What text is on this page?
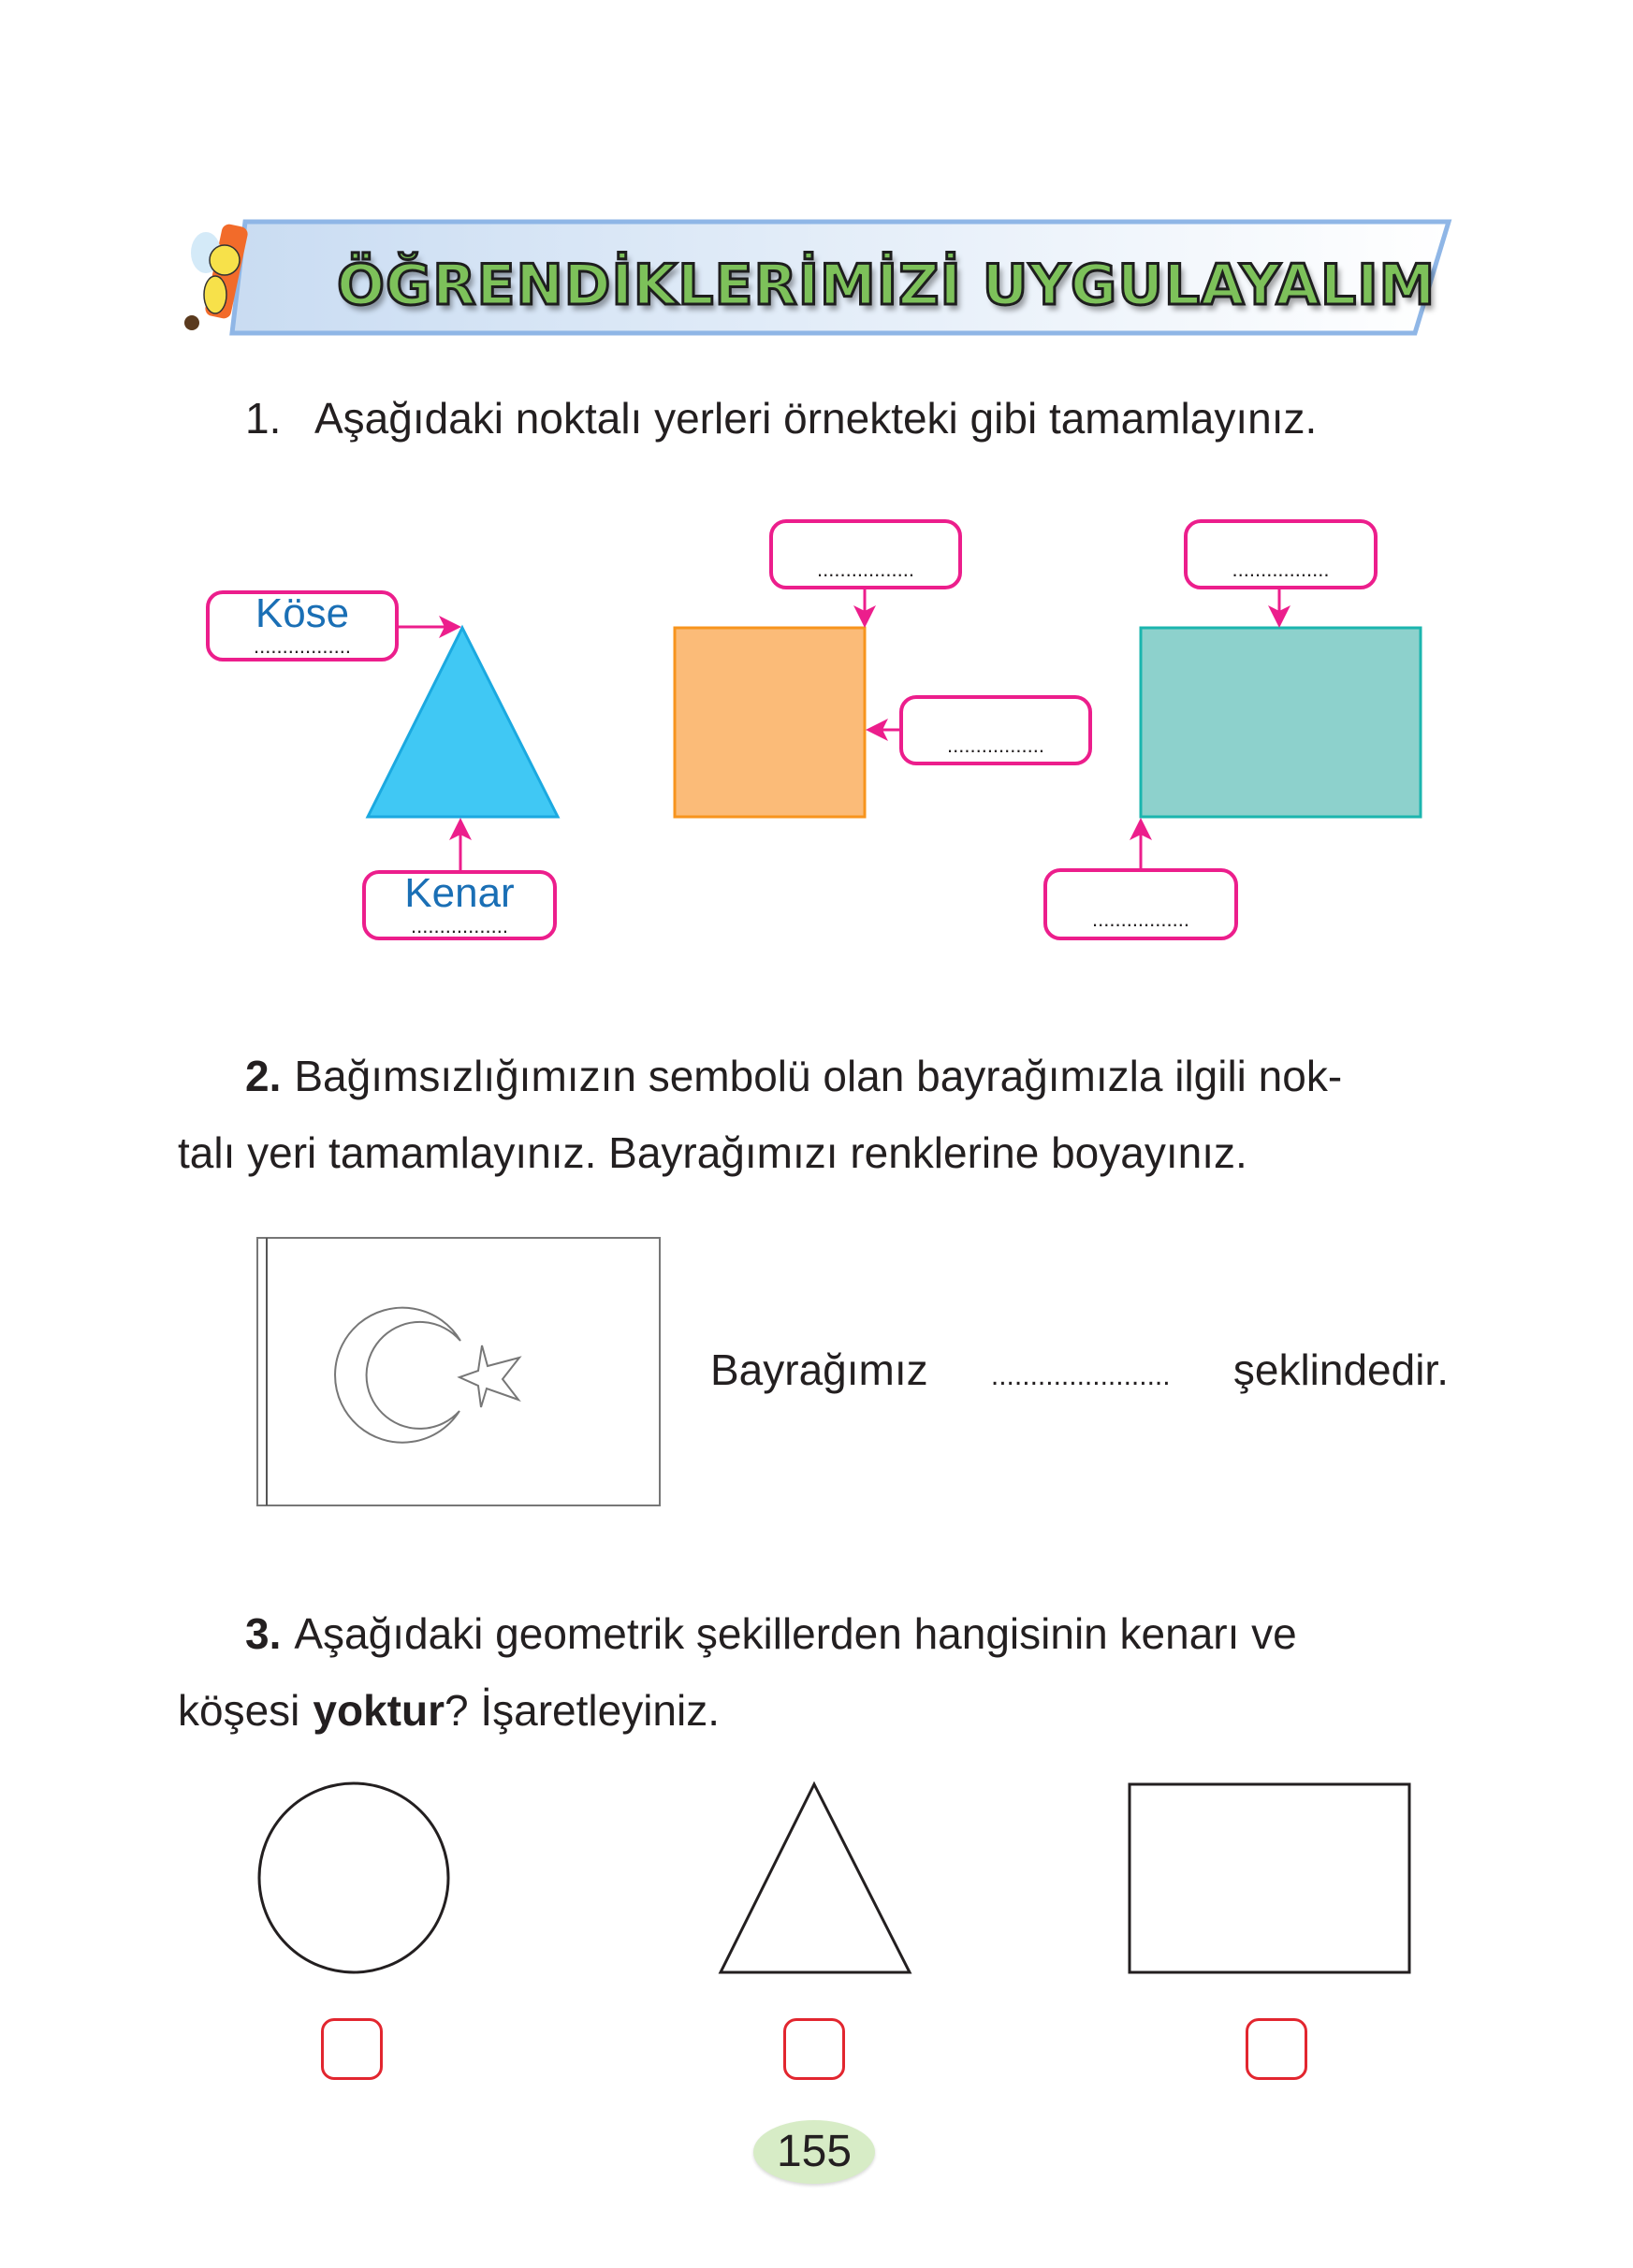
ÖĞRENDİKLERİMİZİ UYGULAYALIM
1. Aşağıdaki noktalı yerleri örnekteki gibi tamamlayınız.
Köse
.................
Kenar
.................
.................
.................
.................
.................
2. Bağımsızlığımızın sembolü olan bayrağımızla ilgili nok-
talı yeri tamamlayınız. Bayrağımızı renklerine boyayınız.
Bayrağımız ....................... şeklindedir.
3. Aşağıdaki geometrik şekillerden hangisinin kenarı ve
köşesi yoktur ? İşaretleyiniz.
155
